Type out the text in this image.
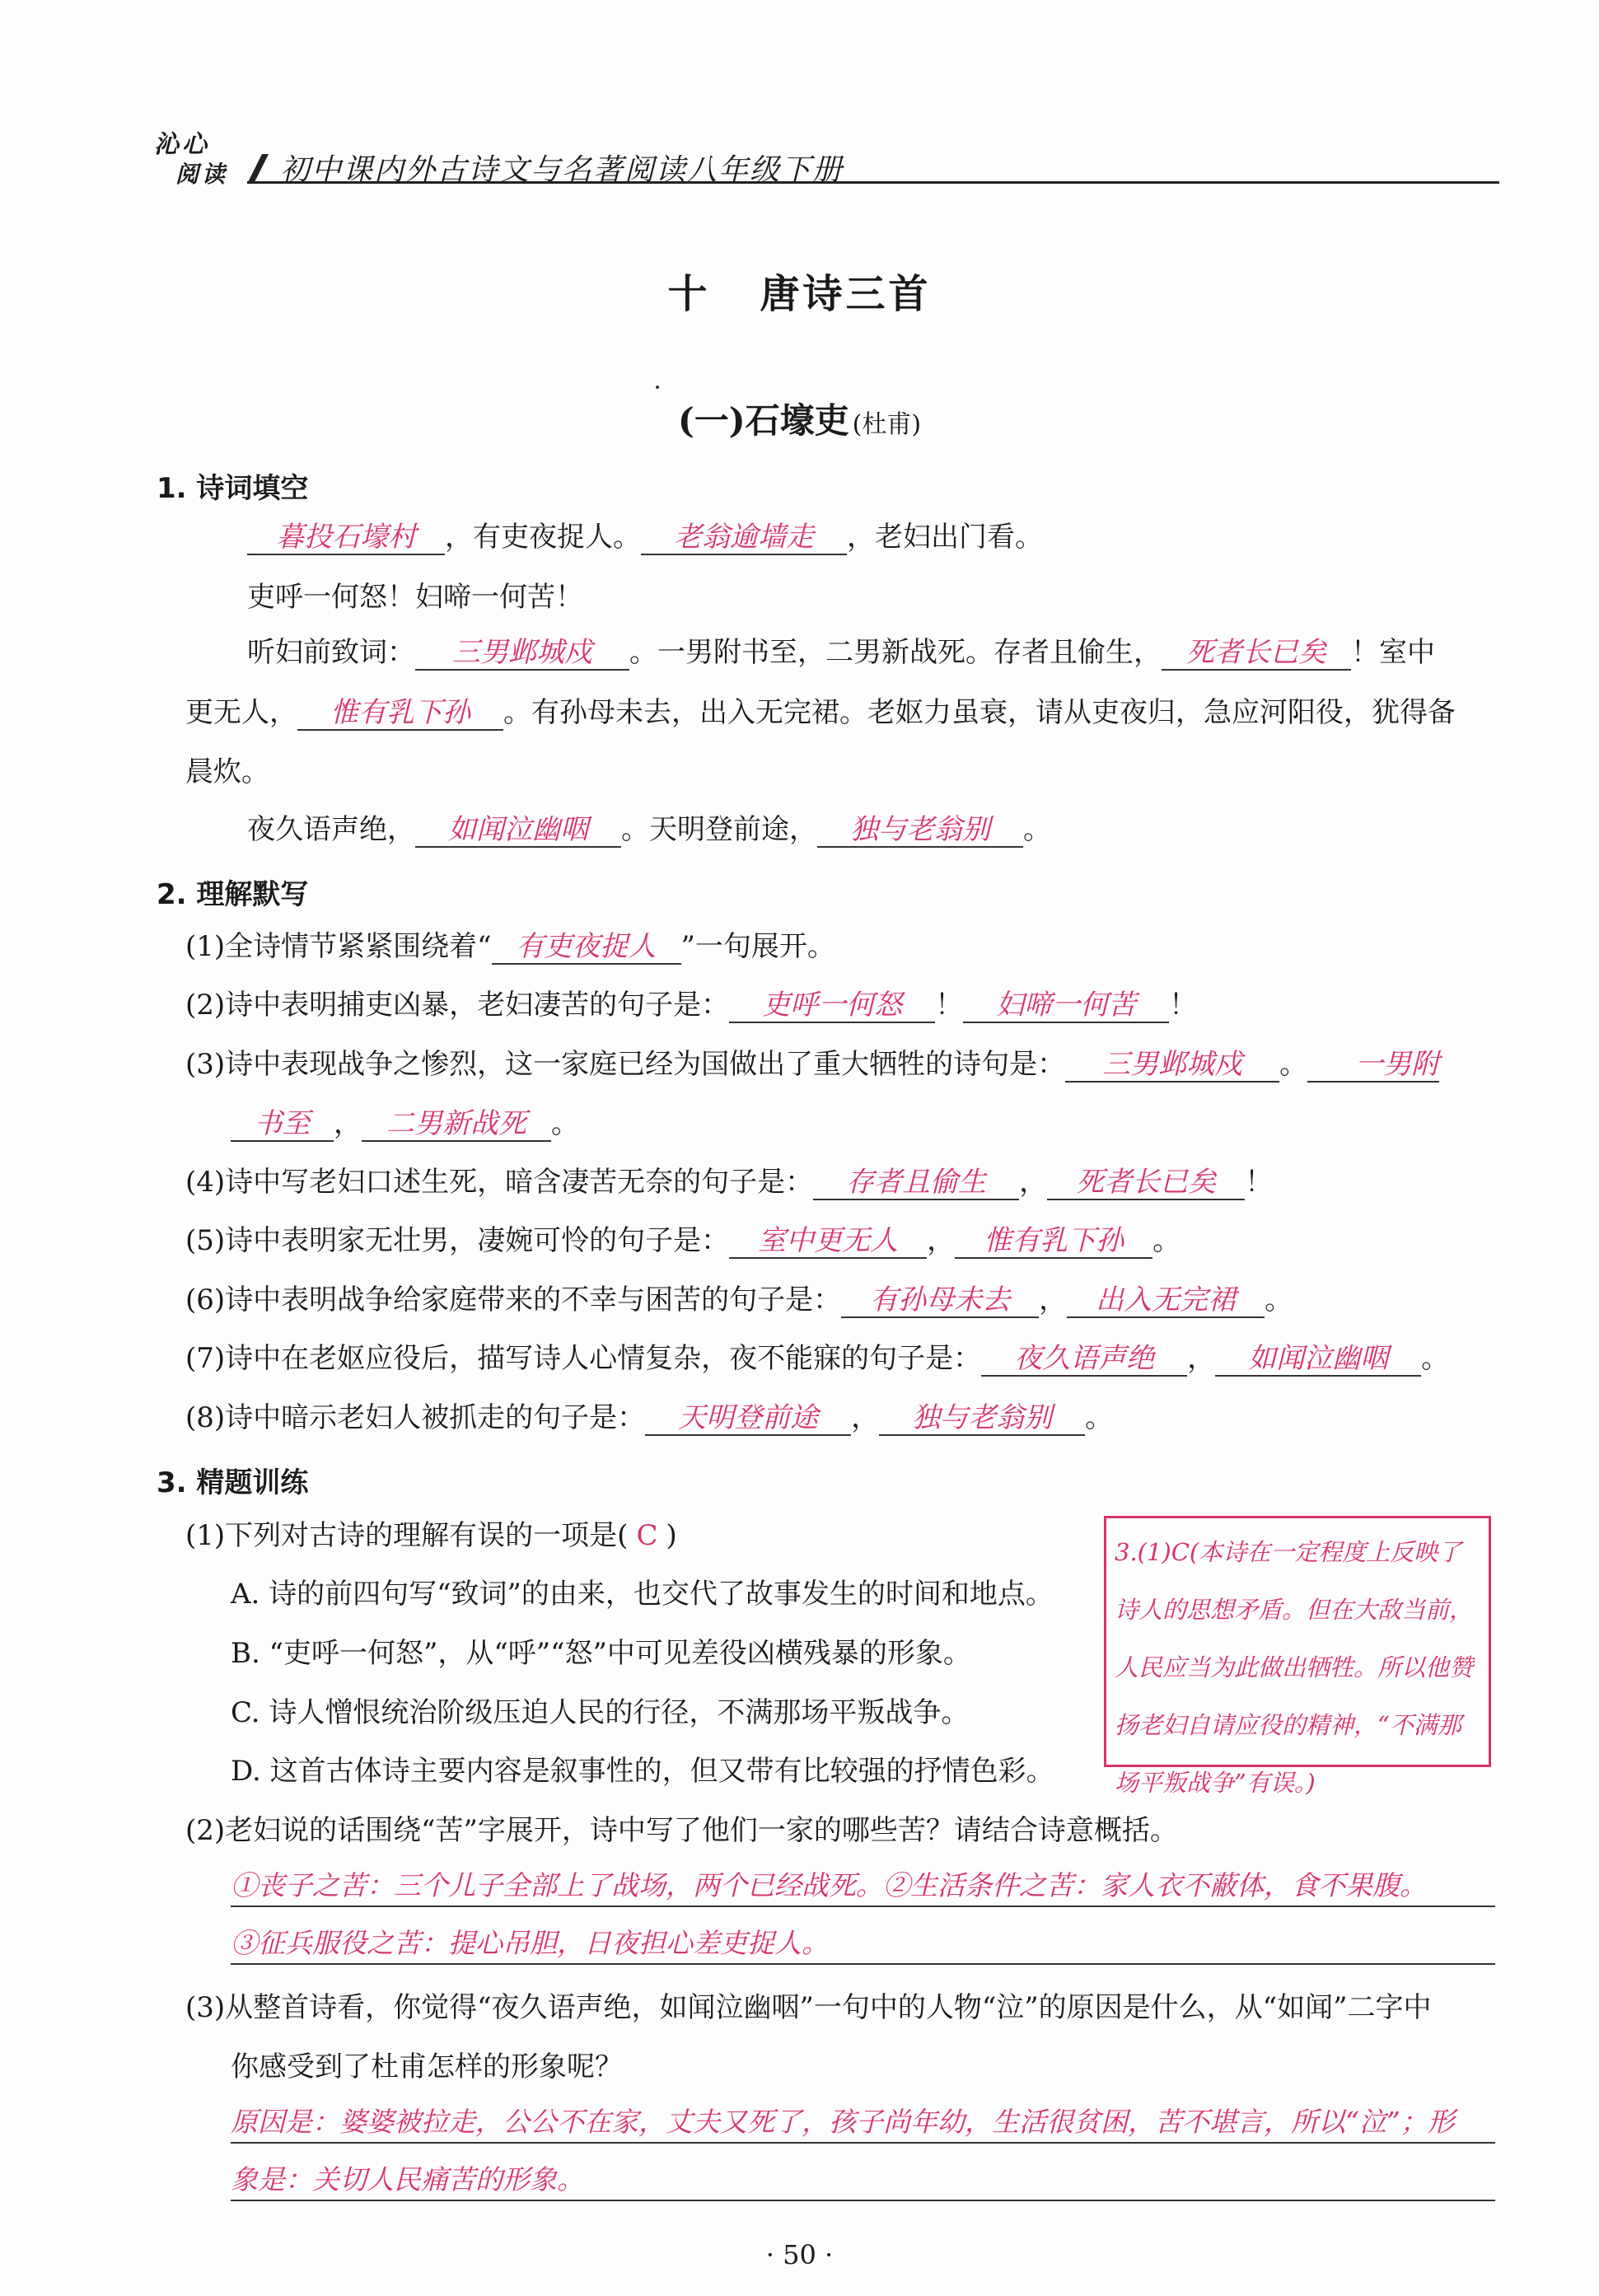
沁心
阅读 初中课内外古诗文与名著阅读八年级下册
十 唐诗三首
(一)石壕吏 (杜甫)
1. 诗词填空
暮投石壕村 ，有吏夜捉人。 老翁逾墙走 ，老妇出门看。
吏呼一何怒！妇啼一何苦！
听妇前致词： 三男邺城戍 。一男附书至，二男新战死。存者且偷生， 死者长已矣 ！室中
更无人， 惟有乳下孙 。有孙母未去，出入无完裙。老妪力虽衰，请从吏夜归，急应河阳役，犹得备
晨炊。
夜久语声绝， 如闻泣幽咽 。天明登前途， 独与老翁别 。
2. 理解默写
(1)全诗情节紧紧围绕着“ 有吏夜捉人 ”一句展开。
(2)诗中表明捕吏凶暴，老妇凄苦的句子是： 吏呼一何怒 ！ 妇啼一何苦 ！
(3)诗中表现战争之惨烈，这一家庭已经为国做出了重大牺牲的诗句是： 三男邺城戍 。 一男附
书至 ， 二男新战死 。
(4)诗中写老妇口述生死，暗含凄苦无奈的句子是： 存者且偷生 ， 死者长已矣 ！
(5)诗中表明家无壮男，凄婉可怜的句子是： 室中更无人 ， 惟有乳下孙 。
(6)诗中表明战争给家庭带来的不幸与困苦的句子是： 有孙母未去 ， 出入无完裙 。
(7)诗中在老妪应役后，描写诗人心情复杂，夜不能寐的句子是： 夜久语声绝 ， 如闻泣幽咽 。
(8)诗中暗示老妇人被抓走的句子是： 天明登前途 ， 独与老翁别 。
3. 精题训练
(1)下列对古诗的理解有误的一项是( C )
A. 诗的前四句写“致词”的由来，也交代了故事发生的时间和地点。
B. “吏呼一何怒”，从“呼”“怒”中可见差役凶横残暴的形象。
C. 诗人憎恨统治阶级压迫人民的行径，不满那场平叛战争。
D. 这首古体诗主要内容是叙事性的，但又带有比较强的抒情色彩。
3.(1)C(本诗在一定程度上反映了诗人的思想矛盾。但在大敌当前，人民应当为此做出牺牲。所以他赞扬老妇自请应役的精神，“不满那场平叛战争”有误。)
(2)老妇说的话围绕“苦”字展开，诗中写了他们一家的哪些苦？请结合诗意概括。
①丧子之苦：三个儿子全部上了战场，两个已经战死。②生活条件之苦：家人衣不蔽体，食不果腹。
③征兵服役之苦：提心吊胆，日夜担心差吏捉人。
(3)从整首诗看，你觉得“夜久语声绝，如闻泣幽咽”一句中的人物“泣”的原因是什么，从“如闻”二字中
你感受到了杜甫怎样的形象呢？
原因是：婆婆被拉走，公公不在家，丈夫又死了，孩子尚年幼，生活很贫困，苦不堪言，所以“泣”；形
象是：关切人民痛苦的形象。
· 50 ·
